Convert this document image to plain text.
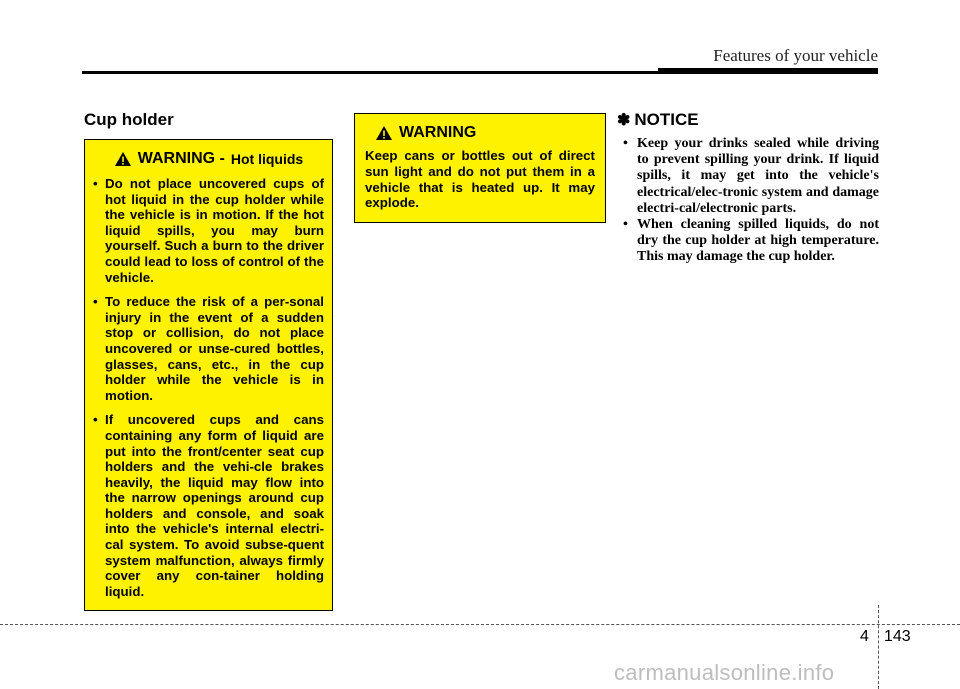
Features of your vehicle
Cup holder
WARNING - Hot liquids
• Do not place uncovered cups of hot liquid in the cup holder while the vehicle is in motion. If the hot liquid spills, you may burn yourself. Such a burn to the driver could lead to loss of control of the vehicle.
• To reduce the risk of a per-sonal injury in the event of a sudden stop or collision, do not place uncovered or unse-cured bottles, glasses, cans, etc., in the cup holder while the vehicle is in motion.
• If uncovered cups and cans containing any form of liquid are put into the front/center seat cup holders and the vehi-cle brakes heavily, the liquid may flow into the narrow openings around cup holders and console, and soak into the vehicle's internal electri-cal system. To avoid subse-quent system malfunction, always firmly cover any con-tainer holding liquid.
WARNING
Keep cans or bottles out of direct sun light and do not put them in a vehicle that is heated up. It may explode.
✽ NOTICE
• Keep your drinks sealed while driving to prevent spilling your drink. If liquid spills, it may get into the vehicle's electrical/elec-tronic system and damage electri-cal/electronic parts.
• When cleaning spilled liquids, do not dry the cup holder at high temperature. This may damage the cup holder.
4 143
carmanualsonline.info
